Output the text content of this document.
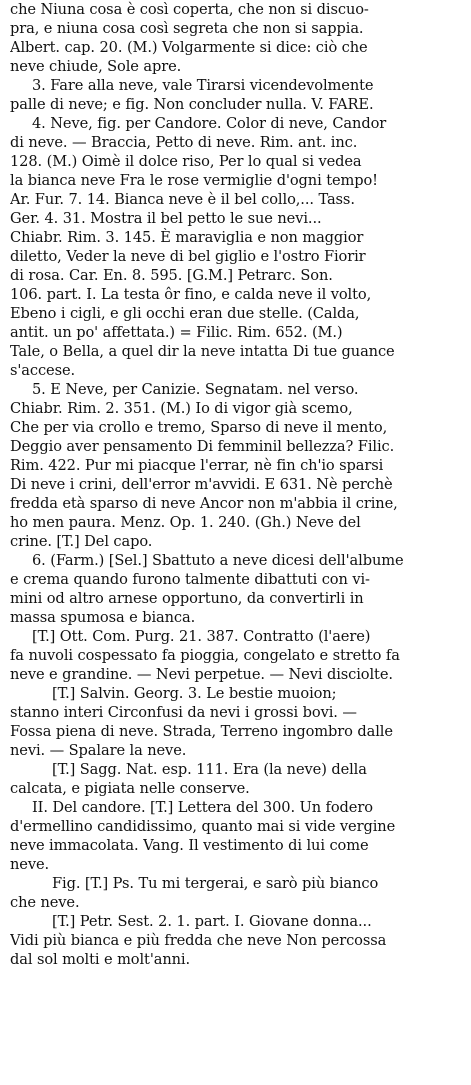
che Niuna cosa è così coperta, che non si discuo-
pra, e niuna cosa così segreta che non si sappia.
Albert. cap. 20. (M.) Volgarmente si dice: ciò che
neve chiude, Sole apre.
3. Fare alla neve, vale Tirarsi vicendevolmente
palle di neve; e fig. Non concluder nulla. V. FARE.
4. Neve, fig. per Candore. Color di neve, Candor
di neve. — Braccia, Petto di neve. Rim. ant. inc.
128. (M.) Oimè il dolce riso, Per lo qual si vedea
la bianca neve Fra le rose vermiglie d'ogni tempo!
Ar. Fur. 7. 14. Bianca neve è il bel collo,... Tass.
Ger. 4. 31. Mostra il bel petto le sue nevi...
Chiabr. Rim. 3. 145. È maraviglia e non maggior
diletto, Veder la neve di bel giglio e l'ostro Fiorir
di rosa. Car. En. 8. 595. [G.M.] Petrarc. Son.
106. part. I. La testa ôr fino, e calda neve il volto,
Ebeno i cigli, e gli occhi eran due stelle. (Calda,
antit. un po' affettata.) = Filic. Rim. 652. (M.)
Tale, o Bella, a quel dir la neve intatta Di tue guance
s'accese.
5. E Neve, per Canizie. Segnatam. nel verso.
Chiabr. Rim. 2. 351. (M.) Io di vigor già scemo,
Che per via crollo e tremo, Sparso di neve il mento,
Deggio aver pensamento Di femminil bellezza? Filic.
Rim. 422. Pur mi piacque l'errar, nè fin ch'io sparsi
Di neve i crini, dell'error m'avvidi. E 631. Nè perchè
fredda età sparso di neve Ancor non m'abbia il crine,
ho men paura. Menz. Op. 1. 240. (Gh.) Neve del
crine. [T.] Del capo.
6. (Farm.) [Sel.] Sbattuto a neve dicesi dell'albume
e crema quando furono talmente dibattuti con vi-
mini od altro arnese opportuno, da convertirli in
massa spumosa e bianca.
[T.] Ott. Com. Purg. 21. 387. Contratto (l'aere)
fa nuvoli cospessato fa pioggia, congelato e stretto fa
neve e grandine. — Nevi perpetue. — Nevi disciolte.
[T.] Salvin. Georg. 3. Le bestie muoion;
stanno interi Circonfusi da nevi i grossi bovi. —
Fossa piena di neve. Strada, Terreno ingombro dalle
nevi. — Spalare la neve.
[T.] Sagg. Nat. esp. 111. Era (la neve) della
calcata, e pigiata nelle conserve.
II. Del candore. [T.] Lettera del 300. Un fodero
d'ermellino candidissimo, quanto mai si vide vergine
neve immacolata. Vang. Il vestimento di lui come
neve.
Fig. [T.] Ps. Tu mi tergerai, e sarò più bianco
che neve.
[T.] Petr. Sest. 2. 1. part. I. Giovane donna...
Vidi più bianca e più fredda che neve Non percossa
dal sol molti e molt'anni.
